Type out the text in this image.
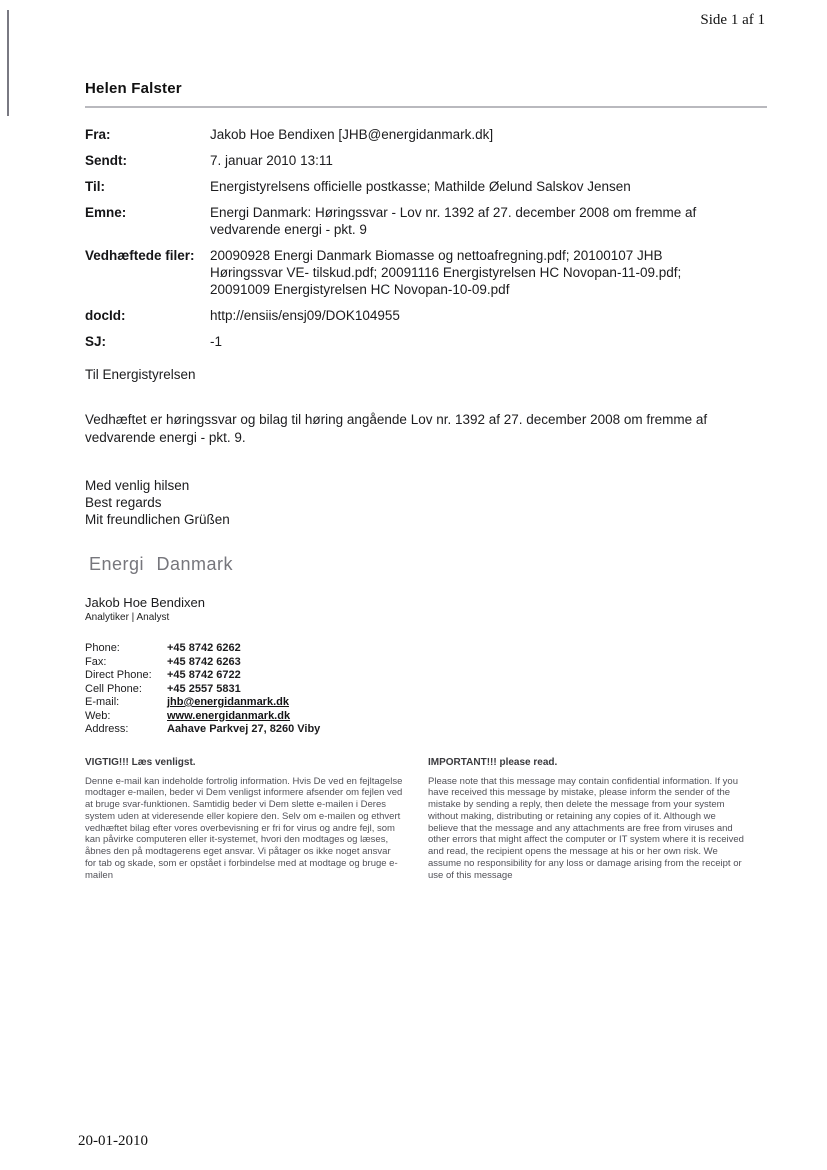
Side 1 af 1
Helen Falster
Fra:	Jakob Hoe Bendixen [JHB@energidanmark.dk]
Sendt:	7. januar 2010 13:11
Til:	Energistyrelsens officielle postkasse; Mathilde Øelund Salskov Jensen
Emne:	Energi Danmark: Høringssvar - Lov nr. 1392 af 27. december 2008 om fremme af vedvarende energi - pkt. 9
Vedhæftede filer:	20090928 Energi Danmark Biomasse og nettoafregning.pdf; 20100107 JHB Høringssvar VE- tilskud.pdf; 20091116 Energistyrelsen HC Novopan-11-09.pdf; 20091009 Energistyrelsen HC Novopan-10-09.pdf
docId:	http://ensiis/ensj09/DOK104955
SJ:	-1
Til Energistyrelsen
Vedhæftet er høringssvar og bilag til høring angående Lov nr. 1392 af 27. december 2008 om fremme af vedvarende energi - pkt. 9.
Med venlig hilsen
Best regards
Mit freundlichen Grüßen
Energi Danmark
Jakob Hoe Bendixen
Analytiker | Analyst
Phone:	+45 8742 6262
Fax:	+45 8742 6263
Direct Phone:	+45 8742 6722
Cell Phone:	+45 2557 5831
E-mail:	jhb@energidanmark.dk
Web:	www.energidanmark.dk
Address:	Aahave Parkvej 27, 8260 Viby
VIGTIG!!! Læs venligst.
Denne e-mail kan indeholde fortrolig information. Hvis De ved en fejltagelse modtager e-mailen, beder vi Dem venligst informere afsender om fejlen ved at bruge svar-funktionen. Samtidig beder vi Dem slette e-mailen i Deres system uden at videresende eller kopiere den. Selv om e-mailen og ethvert vedhæftet bilag efter vores overbevisning er fri for virus og andre fejl, som kan påvirke computeren eller it-systemet, hvori den modtages og læses, åbnes den på modtagerens eget ansvar. Vi påtager os ikke noget ansvar for tab og skade, som er opstået i forbindelse med at modtage og bruge e-mailen
IMPORTANT!!! please read.
Please note that this message may contain confidential information. If you have received this message by mistake, please inform the sender of the mistake by sending a reply, then delete the message from your system without making, distributing or retaining any copies of it. Although we believe that the message and any attachments are free from viruses and other errors that might affect the computer or IT system where it is received and read, the recipient opens the message at his or her own risk. We assume no responsibility for any loss or damage arising from the receipt or use of this message
20-01-2010
